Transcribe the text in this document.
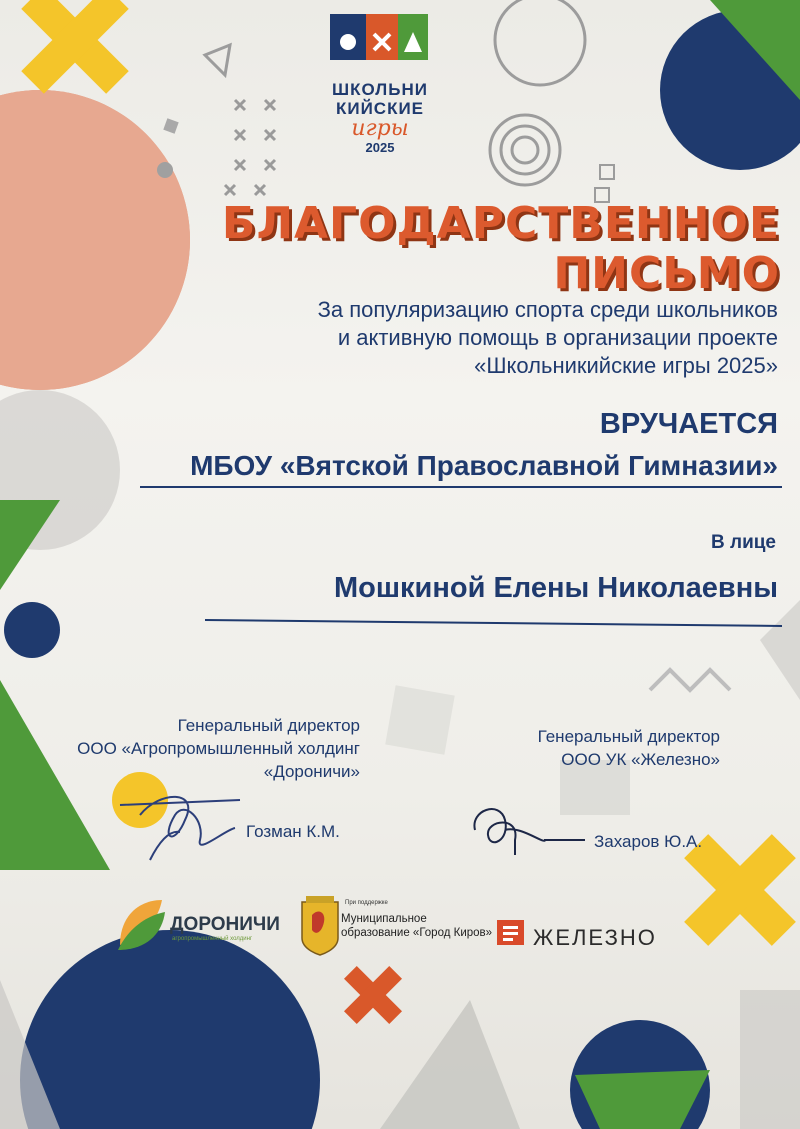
ШКОЛЬНИ
КИЙСКИЕ
игры
2025
БЛАГОДАРСТВЕННОЕ
ПИСЬМО
За популяризацию спорта среди школьников
и активную помощь в организации проекте
«Школьникийские игры 2025»
ВРУЧАЕТСЯ
МБОУ «Вятской Православной Гимназии»
В лице
Мошкиной Елены Николаевны
Генеральный директор
ООО «Агропромышленный холдинг
«Дороничи»
Гозман К.М.
Генеральный директор
ООО УК «Железно»
Захаров Ю.А.
ДОРОНИЧИ
агропромышленный холдинг
При поддержке
Муниципальное
образование «Город Киров» ЖЕЛЕЗНО
